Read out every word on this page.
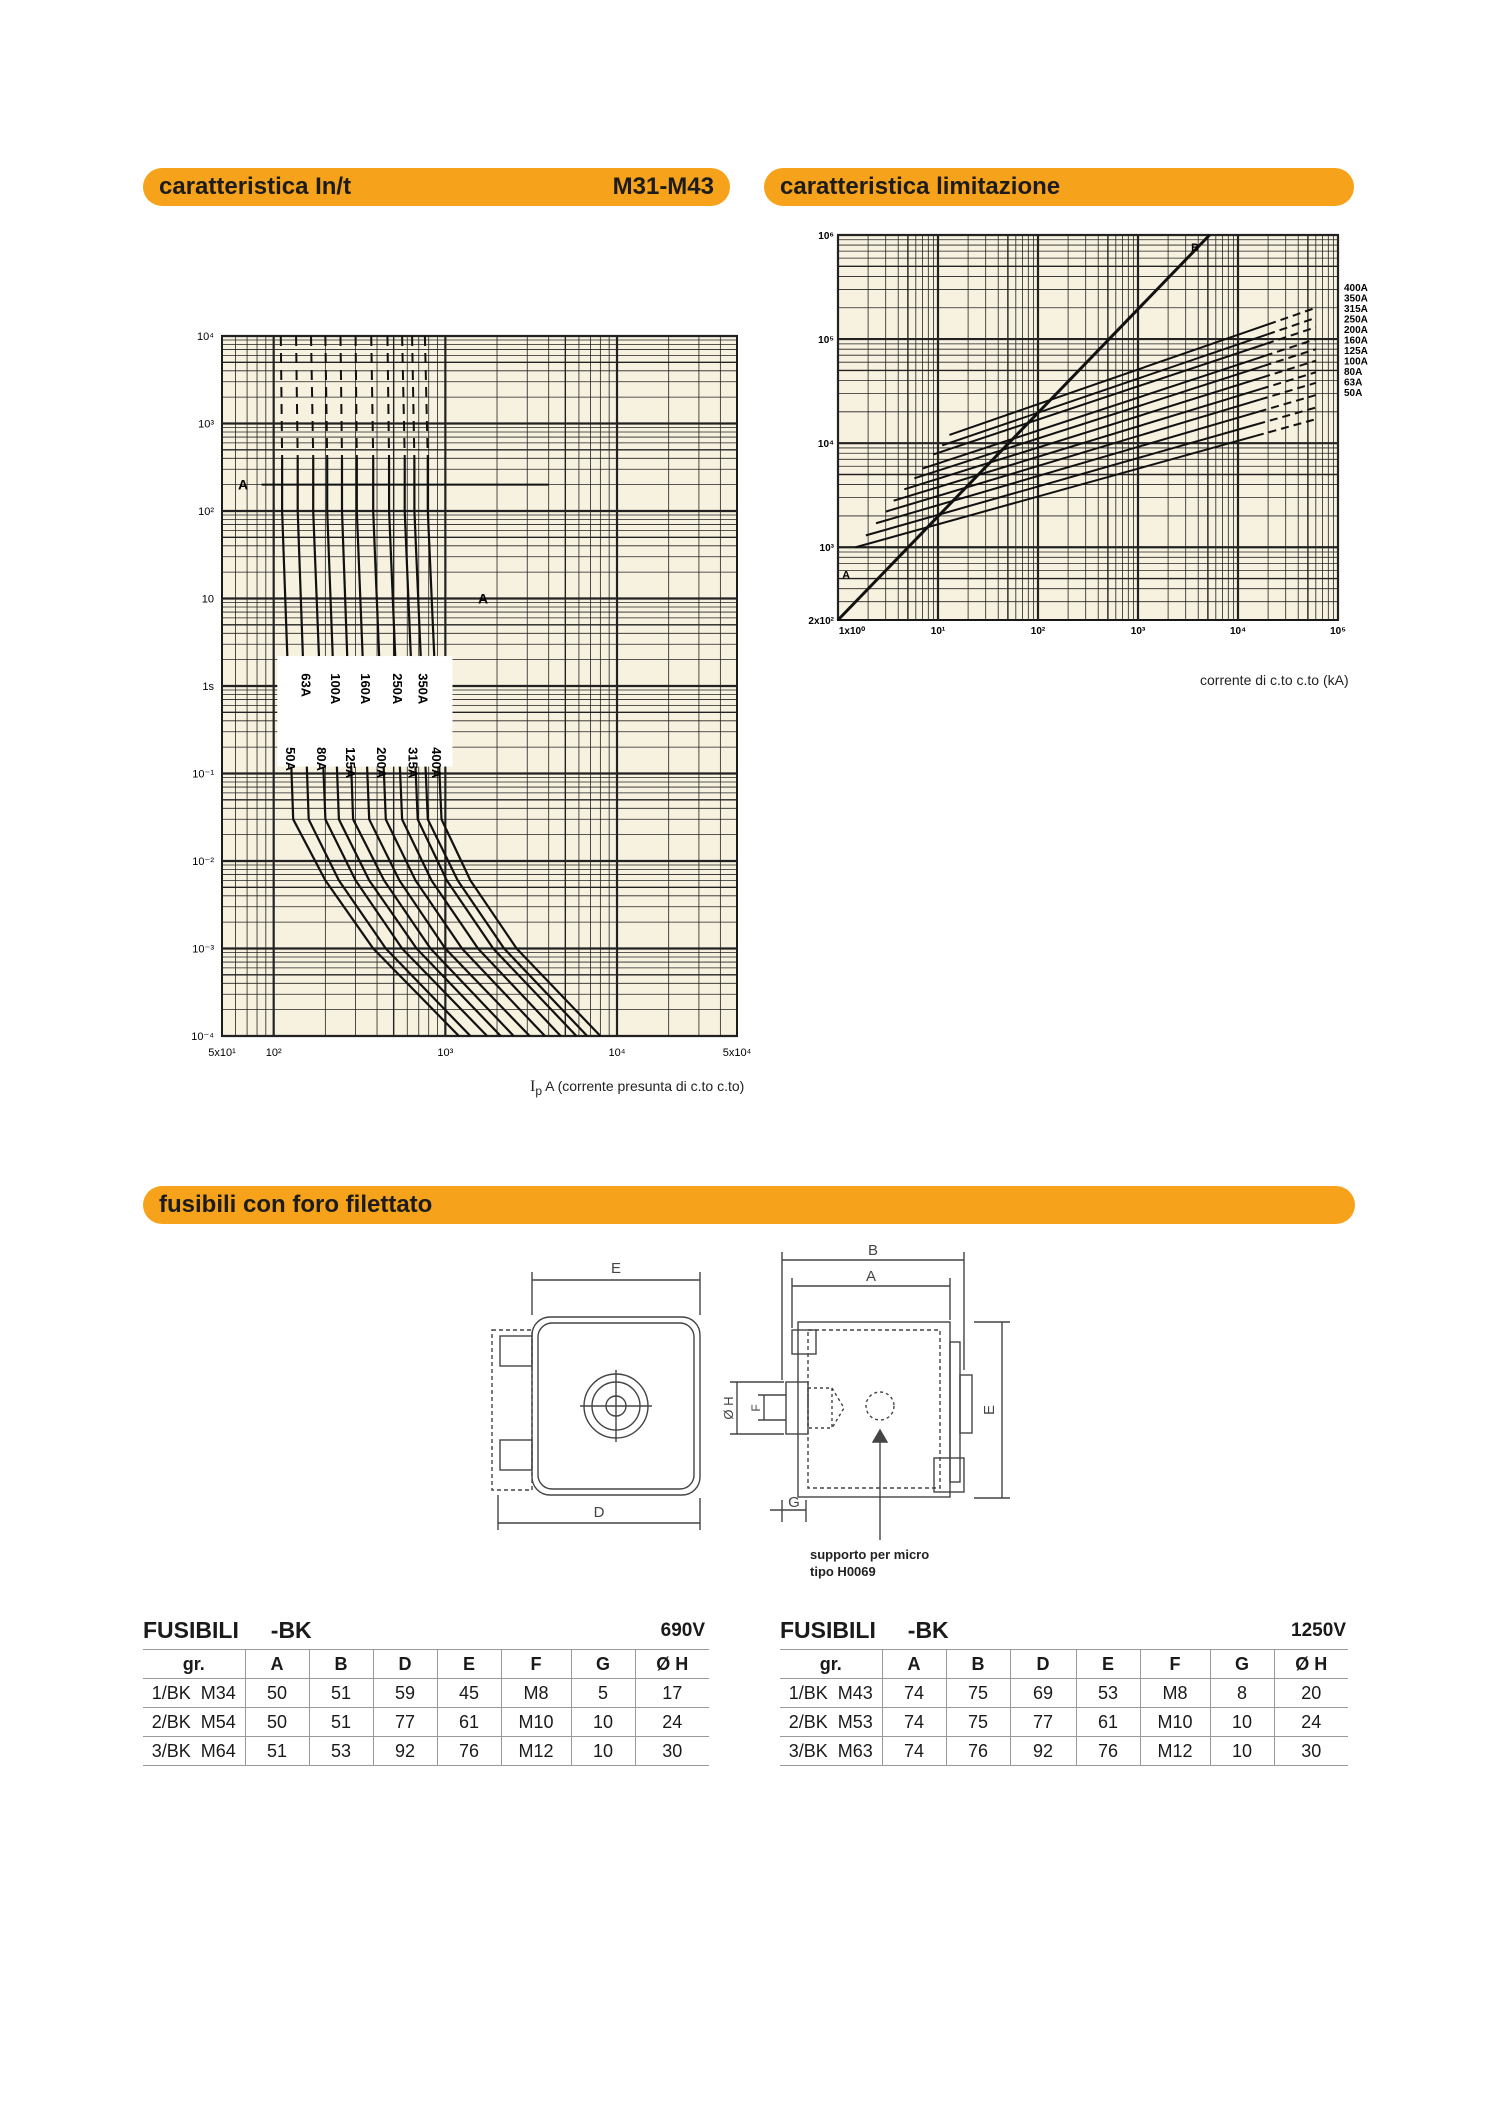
caratteristica In/t	M31-M43	caratteristica limitazione
fusibili con foro filettato
10⁴
10³
10²
10
1s
10⁻¹
10⁻²
10⁻³
10⁻⁴
5x10¹	10²	10³	10⁴	5x10⁴
50A
63A
80A
100A
125A
160A
200A
250A
315A
350A
400A
A
A
$I_p$ A (corrente presunta di c.to c.to)
10⁶
10⁵
10⁴
10³
2x10²
1x10⁰	10¹	10²	10³	10⁴	10⁵
400A
350A
315A
250A
200A
160A
125A
100A
80A
63A
50A
A
B
corrente di c.to c.to (kA)
E
D
B
A
Ø H F	E
G
supporto per micro
tipo H0069
FUSIBILI     -BK	690V
gr.	A	B	D	E	F	G	Ø H
1/BK  M34	50	51	59	45	M8	5	17
2/BK  M54	50	51	77	61	M10	10	24
3/BK  M64	51	53	92	76	M12	10	30
FUSIBILI     -BK	1250V
gr.	A	B	D	E	F	G	Ø H
1/BK  M43	74	75	69	53	M8	8	20
2/BK  M53	74	75	77	61	M10	10	24
3/BK  M63	74	76	92	76	M12	10	30
